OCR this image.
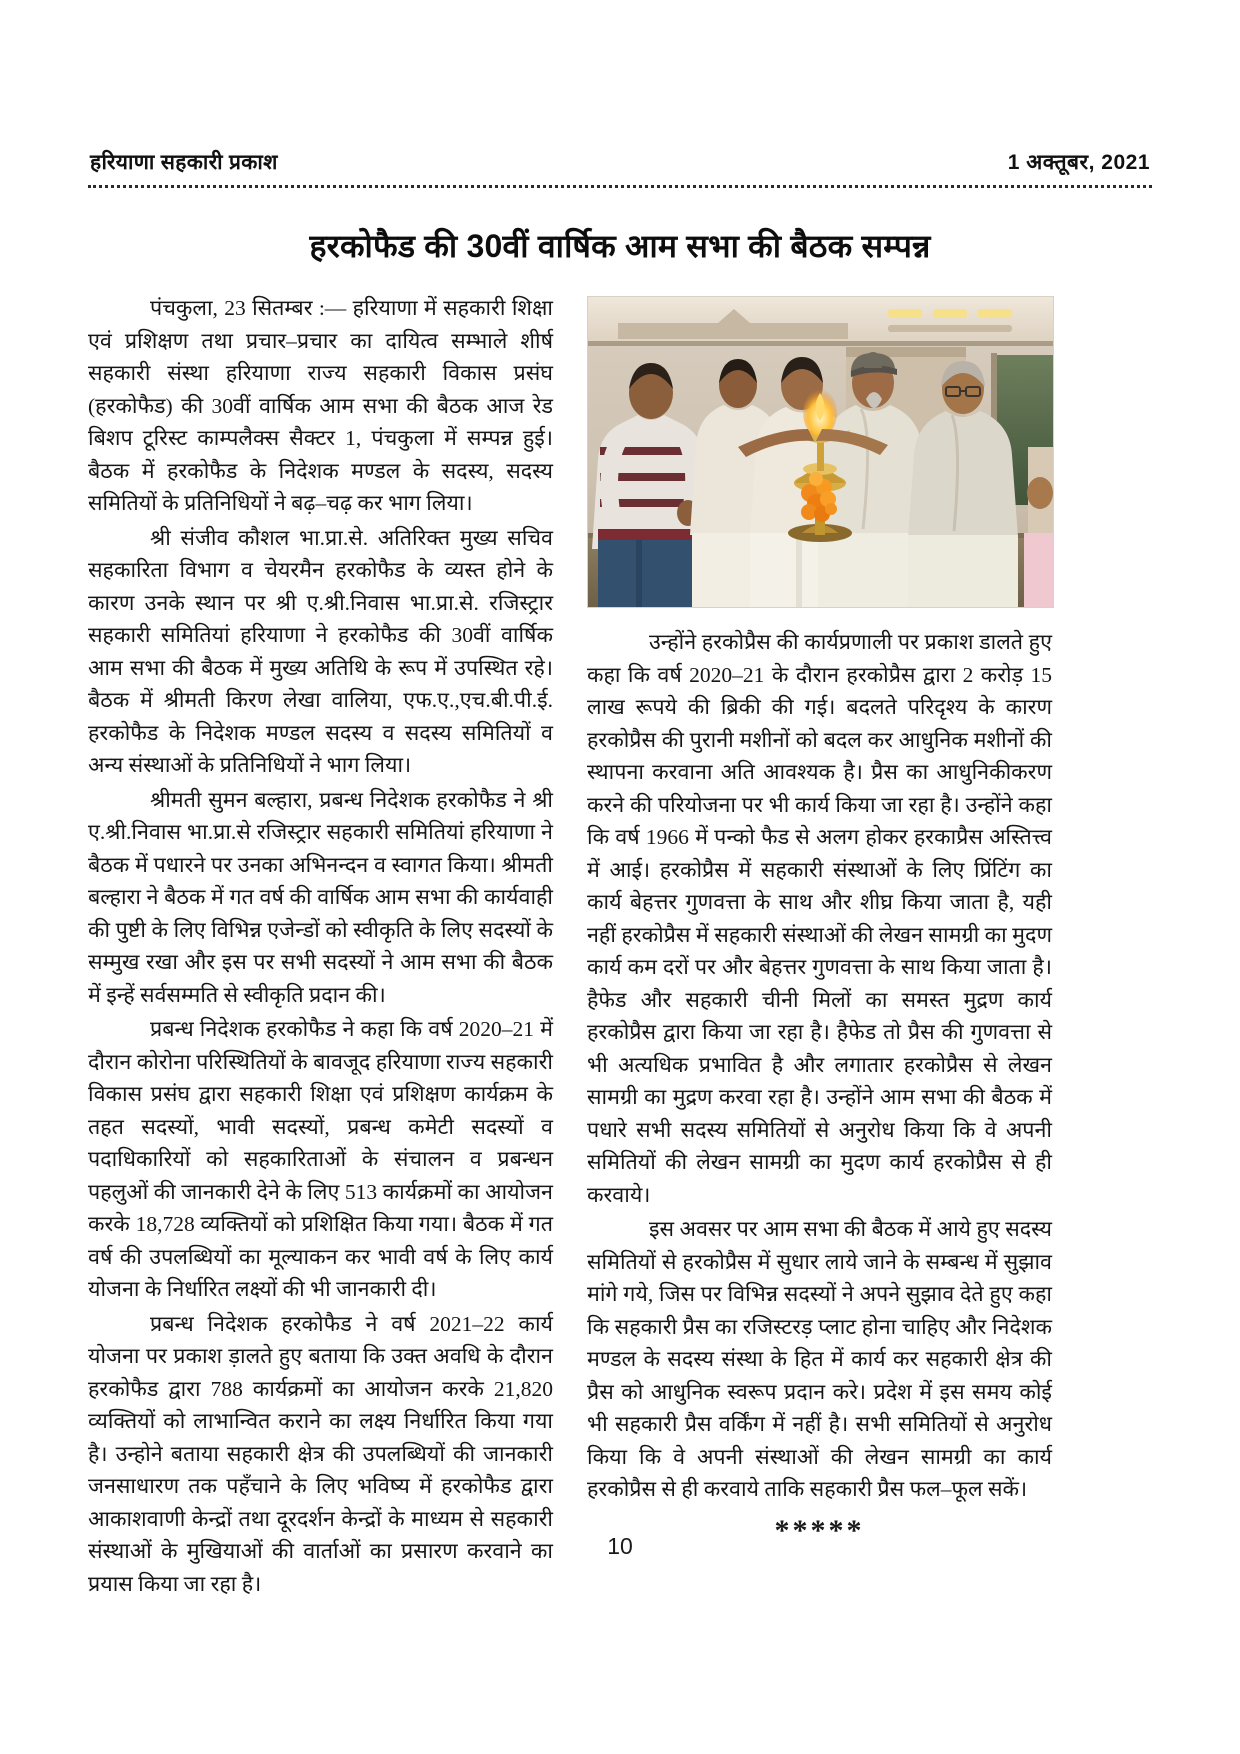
हरियाणा सहकारी प्रकाश	1 अक्तूबर, 2021
हरकोफैड की 30वीं वार्षिक आम सभा की बैठक सम्पन्न

पंचकुला, 23 सितम्बर :— हरियाणा में सहकारी शिक्षा एवं प्रशिक्षण तथा प्रचार–प्रचार का दायित्व सम्भाले शीर्ष सहकारी संस्था हरियाणा राज्य सहकारी विकास प्रसंघ (हरकोफैड) की 30वीं वार्षिक आम सभा की बैठक आज रेड बिशप टूरिस्ट काम्पलैक्स सैक्टर 1, पंचकुला में सम्पन्न हुई। बैठक में हरकोफैड के निदेशक मण्डल के सदस्य, सदस्य समितियों के प्रतिनिधियों ने बढ़–चढ़ कर भाग लिया।

श्री संजीव कौशल भा.प्रा.से. अतिरिक्त मुख्य सचिव सहकारिता विभाग व चेयरमैन हरकोफैड के व्यस्त होने के कारण उनके स्थान पर श्री ए.श्री.निवास भा.प्रा.से. रजिस्ट्रार सहकारी समितियां हरियाणा ने हरकोफैड की 30वीं वार्षिक आम सभा की बैठक में मुख्य अतिथि के रूप में उपस्थित रहे। बैठक में श्रीमती किरण लेखा वालिया, एफ.ए.,एच.बी.पी.ई. हरकोफैड के निदेशक मण्डल सदस्य व सदस्य समितियों व अन्य संस्थाओं के प्रतिनिधियों ने भाग लिया।

श्रीमती सुमन बल्हारा, प्रबन्ध निदेशक हरकोफैड ने श्री ए.श्री.निवास भा.प्रा.से रजिस्ट्रार सहकारी समितियां हरियाणा ने बैठक में पधारने पर उनका अभिनन्दन व स्वागत किया। श्रीमती बल्हारा ने बैठक में गत वर्ष की वार्षिक आम सभा की कार्यवाही की पुष्टी के लिए विभिन्न एजेन्डों को स्वीकृति के लिए सदस्यों के सम्मुख रखा और इस पर सभी सदस्यों ने आम सभा की बैठक में इन्हें सर्वसम्मति से स्वीकृति प्रदान की।

प्रबन्ध निदेशक हरकोफैड ने कहा कि वर्ष 2020–21 में दौरान कोरोना परिस्थितियों के बावजूद हरियाणा राज्य सहकारी विकास प्रसंघ द्वारा सहकारी शिक्षा एवं प्रशिक्षण कार्यक्रम के तहत सदस्यों, भावी सदस्यों, प्रबन्ध कमेटी सदस्यों व पदाधिकारियों को सहकारिताओं के संचालन व प्रबन्धन पहलुओं की जानकारी देने के लिए 513 कार्यक्रमों का आयोजन करके 18,728 व्यक्तियों को प्रशिक्षित किया गया। बैठक में गत वर्ष की उपलब्धियों का मूल्याकन कर भावी वर्ष के लिए कार्य योजना के निर्धारित लक्ष्यों की भी जानकारी दी।

प्रबन्ध निदेशक हरकोफैड ने वर्ष 2021–22 कार्य योजना पर प्रकाश ड़ालते हुए बताया कि उक्त अवधि के दौरान हरकोफैड द्वारा 788 कार्यक्रमों का आयोजन करके 21,820 व्यक्तियों को लाभान्वित कराने का लक्ष्य निर्धारित किया गया है। उन्होने बताया सहकारी क्षेत्र की उपलब्धियों की जानकारी जनसाधारण तक पहँचाने के लिए भविष्य में हरकोफैड द्वारा आकाशवाणी केन्द्रों तथा दूरदर्शन केन्द्रों के माध्यम से सहकारी संस्थाओं के मुखियाओं की वार्ताओं का प्रसारण करवाने का प्रयास किया जा रहा है।

उन्होंने हरकोप्रैस की कार्यप्रणाली पर प्रकाश डालते हुए कहा कि वर्ष 2020–21 के दौरान हरकोप्रैस द्वारा 2 करोड़ 15 लाख रूपये की ब्रिकी की गई। बदलते परिदृश्य के कारण हरकोप्रैस की पुरानी मशीनों को बदल कर आधुनिक मशीनों की स्थापना करवाना अति आवश्यक है। प्रैस का आधुनिकीकरण करने की परियोजना पर भी कार्य किया जा रहा है। उन्होंने कहा कि वर्ष 1966 में पन्को फैड से अलग होकर हरकाप्रैस अस्तित्त्व में आई। हरकोप्रैस में सहकारी संस्थाओं के लिए प्रिंटिंग का कार्य बेहत्तर गुणवत्ता के साथ और शीघ्र किया जाता है, यही नहीं हरकोप्रैस में सहकारी संस्थाओं की लेखन सामग्री का मुदण कार्य कम दरों पर और बेहत्तर गुणवत्ता के साथ किया जाता है। हैफेड और सहकारी चीनी मिलों का समस्त मुद्रण कार्य हरकोप्रैस द्वारा किया जा रहा है। हैफेड तो प्रैस की गुणवत्ता से भी अत्यधिक प्रभावित है और लगातार हरकोप्रैस से लेखन सामग्री का मुद्रण करवा रहा है। उन्होंने आम सभा की बैठक में पधारे सभी सदस्य समितियों से अनुरोध किया कि वे अपनी समितियों की लेखन सामग्री का मुदण कार्य हरकोप्रैस से ही करवाये।

इस अवसर पर आम सभा की बैठक में आये हुए सदस्य समितियों से हरकोप्रैस में सुधार लाये जाने के सम्बन्ध में सुझाव मांगे गये, जिस पर विभिन्न सदस्यों ने अपने सुझाव देते हुए कहा कि सहकारी प्रैस का रजिस्टरड़ प्लाट होना चाहिए और निदेशक मण्डल के सदस्य संस्था के हित में कार्य कर सहकारी क्षेत्र की प्रैस को आधुनिक स्वरूप प्रदान करे। प्रदेश में इस समय कोई भी सहकारी प्रैस वर्किंग में नहीं है। सभी समितियों से अनुरोध किया कि वे अपनी संस्थाओं की लेखन सामग्री का कार्य हरकोप्रैस से ही करवाये ताकि सहकारी प्रैस फल–फूल सकें।

*****
10
